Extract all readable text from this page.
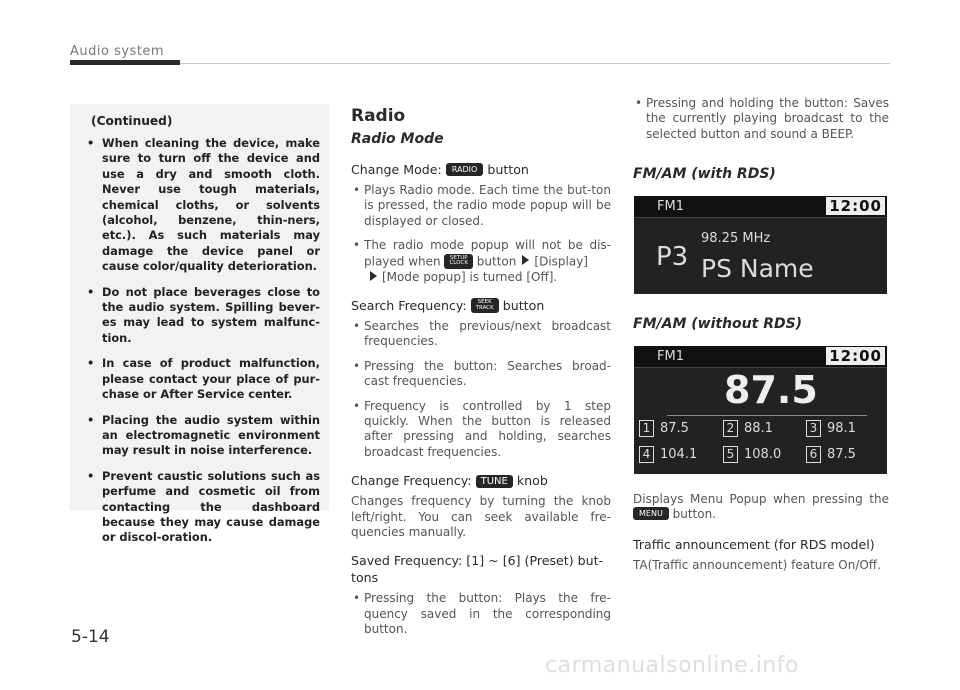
Audio system
(Continued)
• When cleaning the device, make sure to turn off the device and use a dry and smooth cloth. Never use tough materials, chemical cloths, or solvents (alcohol, benzene, thin-ners, etc.). As such materials may damage the device panel or cause color/quality deterioration.
• Do not place beverages close to the audio system. Spilling bever-es may lead to system malfunc-tion.
• In case of product malfunction, please contact your place of pur-chase or After Service center.
• Placing the audio system within an electromagnetic environment may result in noise interference.
• Prevent caustic solutions such as perfume and cosmetic oil from contacting the dashboard because they may cause damage or discol-oration.
Radio
Radio Mode
Change Mode: RADIO button
• Plays Radio mode. Each time the but-ton is pressed, the radio mode popup will be displayed or closed.
• The radio mode popup will not be dis-played when SETUP
CLOCK button [Display]
[Mode popup] is turned [Off].
Search Frequency:	SEEK
TRACK button
• Searches the previous/next broadcast frequencies.
• Pressing the button: Searches broad-cast frequencies.
• Frequency is controlled by 1 step quickly. When the button is released after pressing and holding, searches broadcast frequencies.
Change Frequency: TUNE knob

Changes frequency by turning the knob left/right. You can seek available fre-quencies manually.

Saved Frequency: [1] ~ [6] (Preset) but-tons
• Pressing the button: Plays the fre-quency saved in the corresponding button.
• Pressing and holding the button: Saves the currently playing broadcast to the selected button and sound a BEEP.
FM/AM (with RDS)
FM1	12:00
P3
98.25 MHz
PS Name
FM/AM (without RDS)
FM1	12:00
87.5
1 87.5	2 88.1	3 98.1
4 104.1	5 108.0	6 87.5

Displays Menu Popup when pressing the MENU button.

Traffic announcement (for RDS model)

TA(Traffic announcement) feature On/Off.

5-14
carmanualsonline.info
